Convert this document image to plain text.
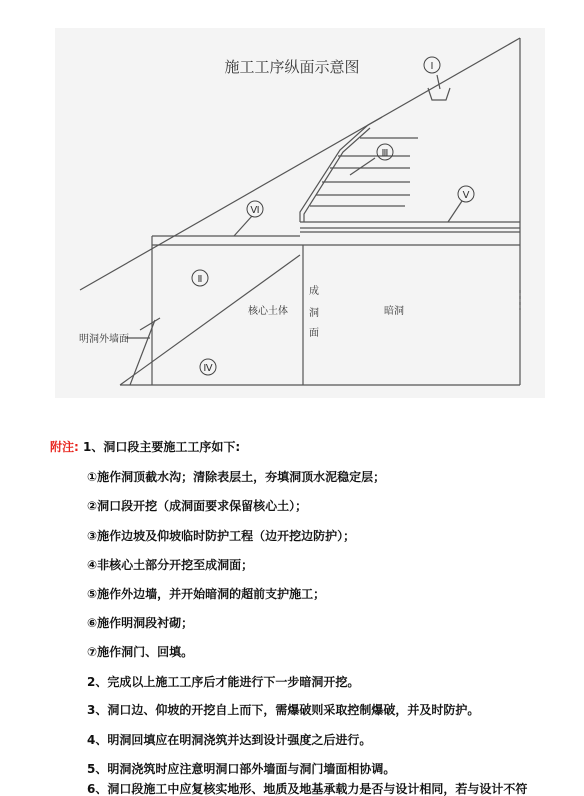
施工工序纵面示意图	Ⅰ
Ⅱ
Ⅲ
Ⅳ
Ⅴ
Ⅵ
核心土体
成
洞
面
暗洞
明洞外墙面
附注: 1、洞口段主要施工工序如下:
①施作洞顶截水沟；清除表层土，夯填洞顶水泥稳定层；
②洞口段开挖（成洞面要求保留核心土）；
③施作边坡及仰坡临时防护工程（边开挖边防护）；
④非核心土部分开挖至成洞面；
⑤施作外边墙，并开始暗洞的超前支护施工；
⑥施作明洞段衬砌；
⑦施作洞门、回填。
2、完成以上施工工序后才能进行下一步暗洞开挖。
3、洞口边、仰坡的开挖自上而下，需爆破则采取控制爆破，并及时防护。
4、明洞回填应在明洞浇筑并达到设计强度之后进行。
5、明洞浇筑时应注意明洞口部外墙面与洞门墙面相协调。
6、洞口段施工中应复核实地形、地质及地基承载力是否与设计相同，若与设计不符
